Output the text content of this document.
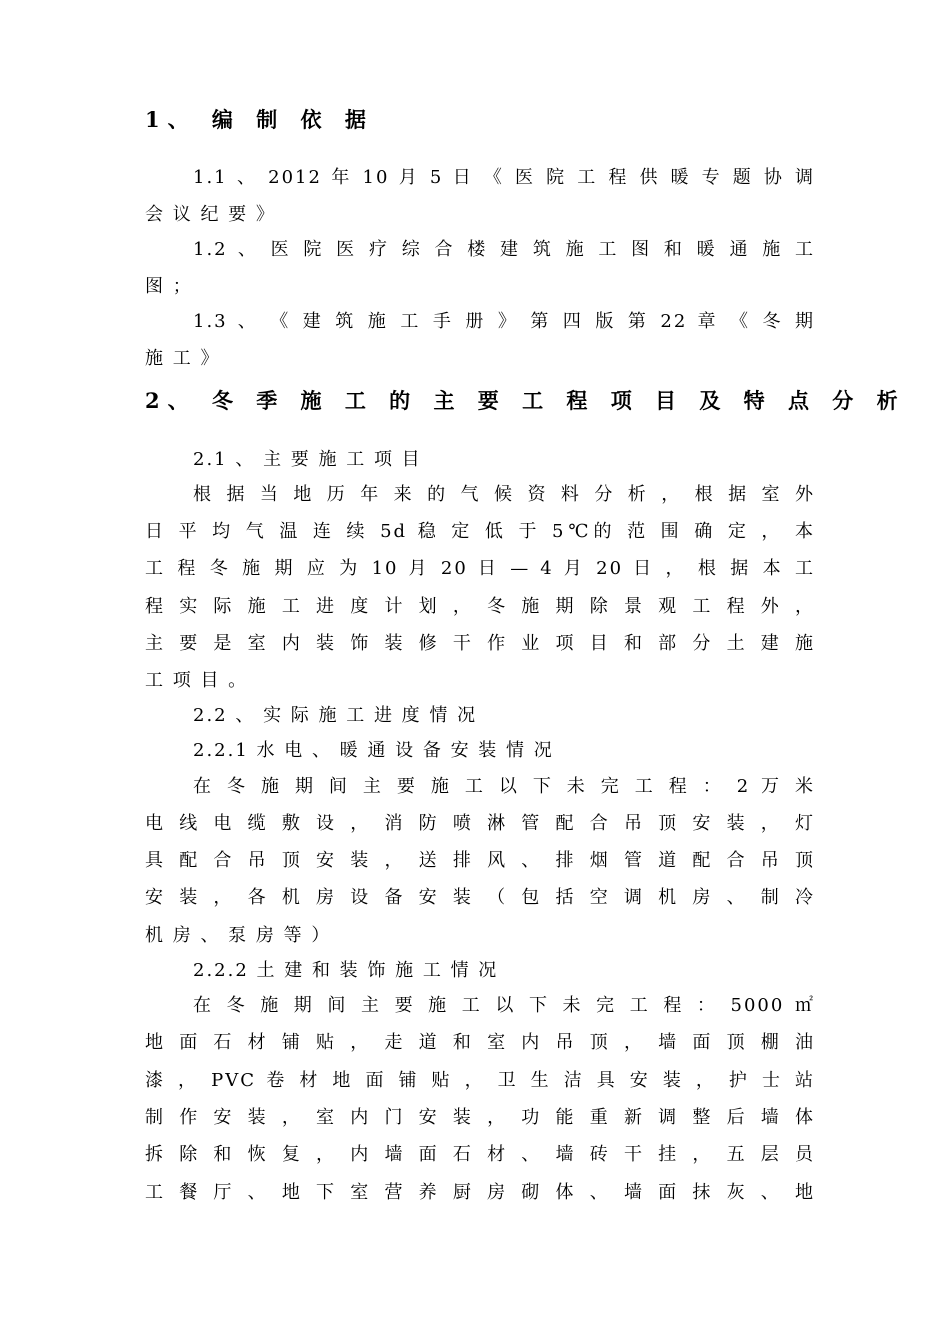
1、 编 制 依 据
1.1 、 2012 年 10 月 5 日 《 医 院 工 程 供 暖 专 题 协 调
会 议 纪 要 》
1.2 、 医 院 医 疗 综 合 楼 建 筑 施 工 图 和 暖 通 施 工
图 ；
1.3 、 《 建 筑 施 工 手 册 》 第 四 版 第 22 章 《 冬 期
施 工 》
2、 冬 季 施 工 的 主 要 工 程 项 目 及 特 点 分 析
2.1 、 主 要 施 工 项 目
根 据 当 地 历 年 来 的 气 候 资 料 分 析 ， 根 据 室 外
日 平 均 气 温 连 续 5d 稳 定 低 于 5℃的 范 围 确 定 ， 本
工 程 冬 施 期 应 为 10 月 20 日 — 4 月 20 日 ， 根 据 本 工
程 实 际 施 工 进 度 计 划 ， 冬 施 期 除 景 观 工 程 外 ，
主 要 是 室 内 装 饰 装 修 干 作 业 项 目 和 部 分 土 建 施
工 项 目 。
2.2 、 实 际 施 工 进 度 情 况
2.2.1 水 电 、 暖 通 设 备 安 装 情 况
在 冬 施 期 间 主 要 施 工 以 下 未 完 工 程 ： 2 万 米
电 线 电 缆 敷 设 ， 消 防 喷 淋 管 配 合 吊 顶 安 装 ， 灯
具 配 合 吊 顶 安 装 ， 送 排 风 、 排 烟 管 道 配 合 吊 顶
安 装 ， 各 机 房 设 备 安 装 （ 包 括 空 调 机 房 、 制 冷
机 房 、 泵 房 等 ）
2.2.2 土 建 和 装 饰 施 工 情 况
在 冬 施 期 间 主 要 施 工 以 下 未 完 工 程 ： 5000 ㎡
地 面 石 材 铺 贴 ， 走 道 和 室 内 吊 顶 ， 墙 面 顶 棚 油
漆 ， PVC 卷 材 地 面 铺 贴 ， 卫 生 洁 具 安 装 ， 护 士 站
制 作 安 装 ， 室 内 门 安 装 ， 功 能 重 新 调 整 后 墙 体
拆 除 和 恢 复 ， 内 墙 面 石 材 、 墙 砖 干 挂 ， 五 层 员
工 餐 厅 、 地 下 室 营 养 厨 房 砌 体 、 墙 面 抹 灰 、 地
